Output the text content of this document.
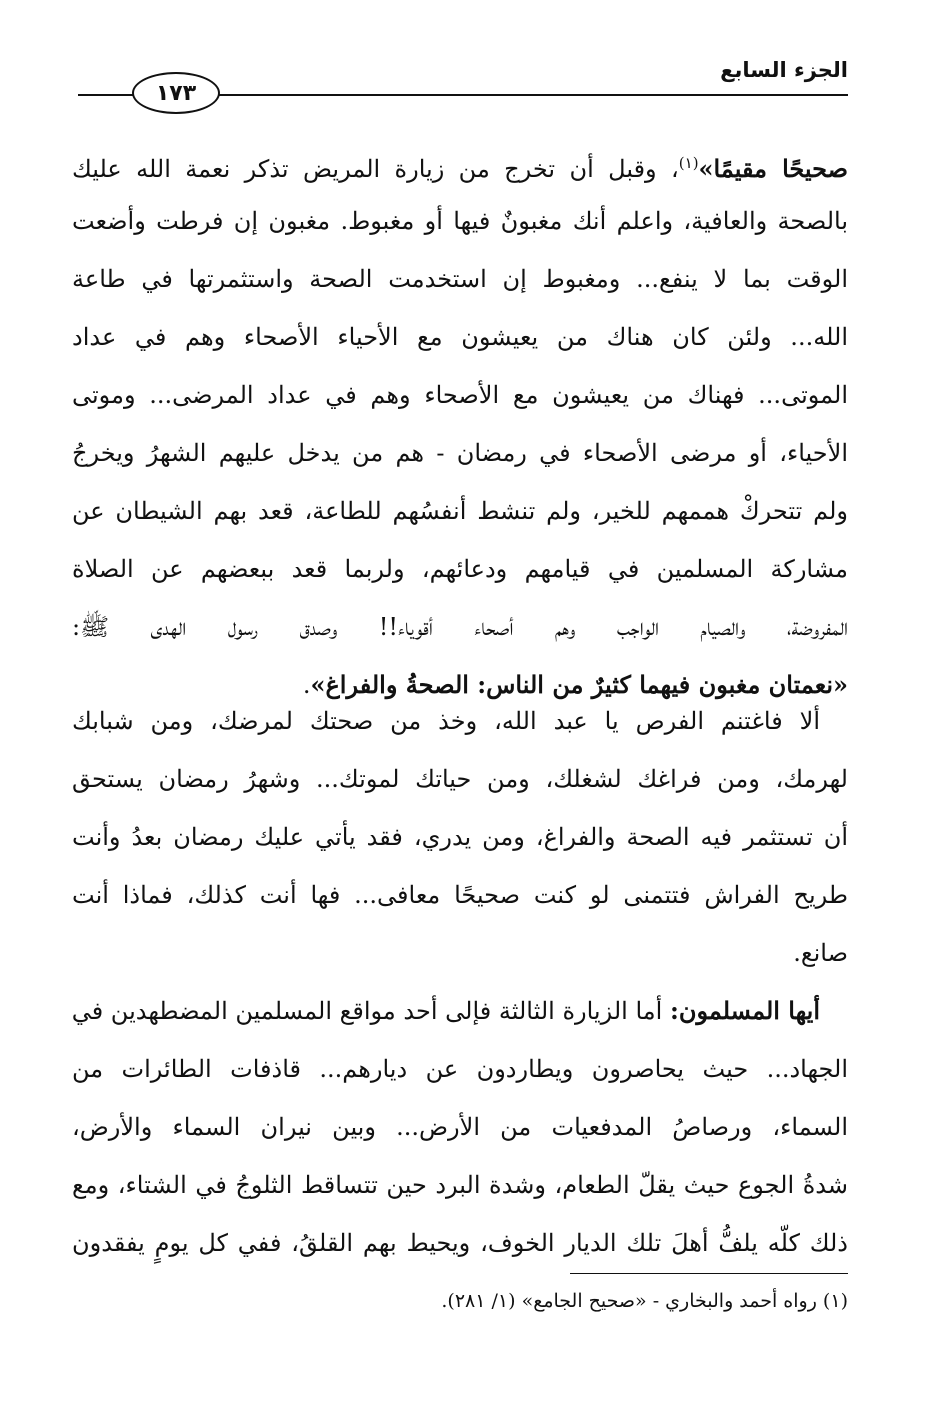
الجزء السابع
١٧٣
صحيحًا مقيمًا»$^{(١)}$، وقبل أن تخرج من زيارة المريض تذكر نعمة الله عليك
بالصحة والعافية، واعلم أنك مغبونٌ فيها أو مغبوط. مغبون إن فرطت وأضعت
الوقت بما لا ينفع... ومغبوط إن استخدمت الصحة واستثمرتها في طاعة
الله... ولئن كان هناك من يعيشون مع الأحياء الأصحاء وهم في عداد
الموتى... فهناك من يعيشون مع الأصحاء وهم في عداد المرضى... وموتى
الأحياء، أو مرضى الأصحاء في رمضان - هم من يدخل عليهم الشهرُ ويخرجُ
ولم تتحركْ هممهم للخير، ولم تنشط أنفسُهم للطاعة، قعد بهم الشيطان عن
مشاركة المسلمين في قيامهم ودعائهم، ولربما قعد ببعضهم عن الصلاة
المفروضة، والصيام الواجب وهم أصحاء أقوياء!! وصدق رسول الهدى ﷺ:
«نعمتان مغبون فيهما كثيرٌ من الناس: الصحةُ والفراغ».
ألا فاغتنم الفرص يا عبد الله، وخذ من صحتك لمرضك، ومن شبابك
لهرمك، ومن فراغك لشغلك، ومن حياتك لموتك... وشهرُ رمضان يستحق
أن تستثمر فيه الصحة والفراغ، ومن يدري، فقد يأتي عليك رمضان بعدُ وأنت
طريح الفراش فتتمنى لو كنت صحيحًا معافى... فها أنت كذلك، فماذا أنت
صانع.
أيها المسلمون: أما الزيارة الثالثة فإلى أحد مواقع المسلمين المضطهدين في
الجهاد... حيث يحاصرون ويطاردون عن ديارهم... قاذفات الطائرات من
السماء، ورصاصُ المدفعيات من الأرض... وبين نيران السماء والأرض،
شدةُ الجوع حيث يقلّ الطعام، وشدة البرد حين تتساقط الثلوجُ في الشتاء، ومع
ذلك كلّه يلفُّ أهلَ تلك الديار الخوف، ويحيط بهم القلقُ، ففي كل يومٍ يفقدون
(١) رواه أحمد والبخاري - «صحيح الجامع» (١/ ٢٨١).
